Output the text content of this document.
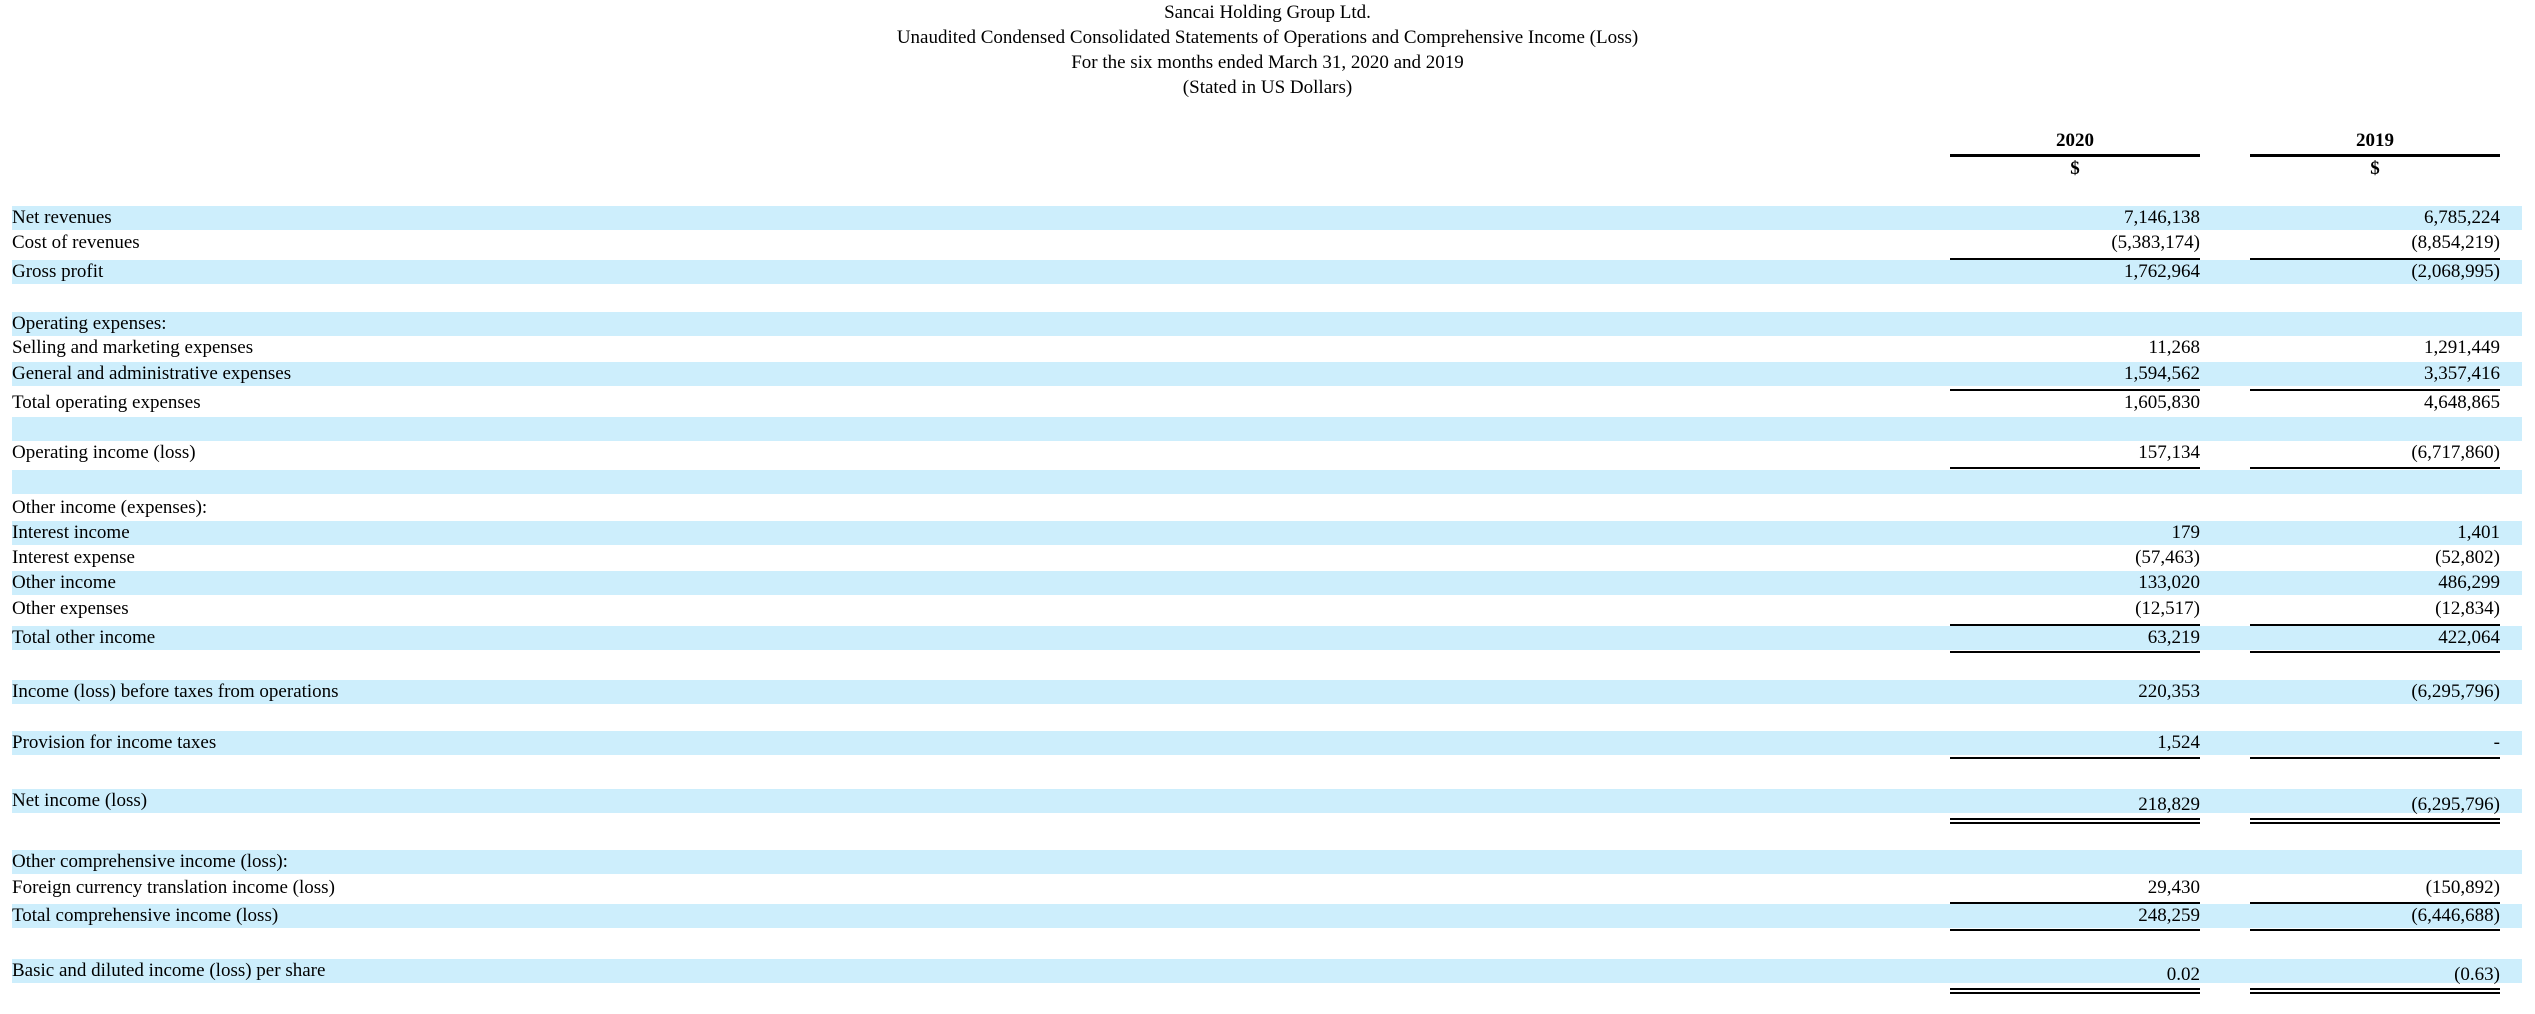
Sancai Holding Group Ltd.
Unaudited Condensed Consolidated Statements of Operations and Comprehensive Income (Loss)
For the six months ended March 31, 2020 and 2019
(Stated in US Dollars)
2020
$
2019
$
Net revenues	7,146,138	6,785,224
Cost of revenues	(5,383,174)	(8,854,219)
Gross profit	1,762,964	(2,068,995)
Operating expenses:
Selling and marketing expenses	11,268	1,291,449
General and administrative expenses	1,594,562	3,357,416
Total operating expenses	1,605,830	4,648,865
Operating income (loss)	157,134	(6,717,860)
Other income (expenses):
Interest income	179	1,401
Interest expense	(57,463)	(52,802)
Other income	133,020	486,299
Other expenses	(12,517)	(12,834)
Total other income	63,219	422,064
Income (loss) before taxes from operations	220,353	(6,295,796)
Provision for income taxes	1,524	-
Net income (loss)	218,829	(6,295,796)
Other comprehensive income (loss):
Foreign currency translation income (loss)	29,430	(150,892)
Total comprehensive income (loss)	248,259	(6,446,688)
Basic and diluted income (loss) per share	0.02	(0.63)
